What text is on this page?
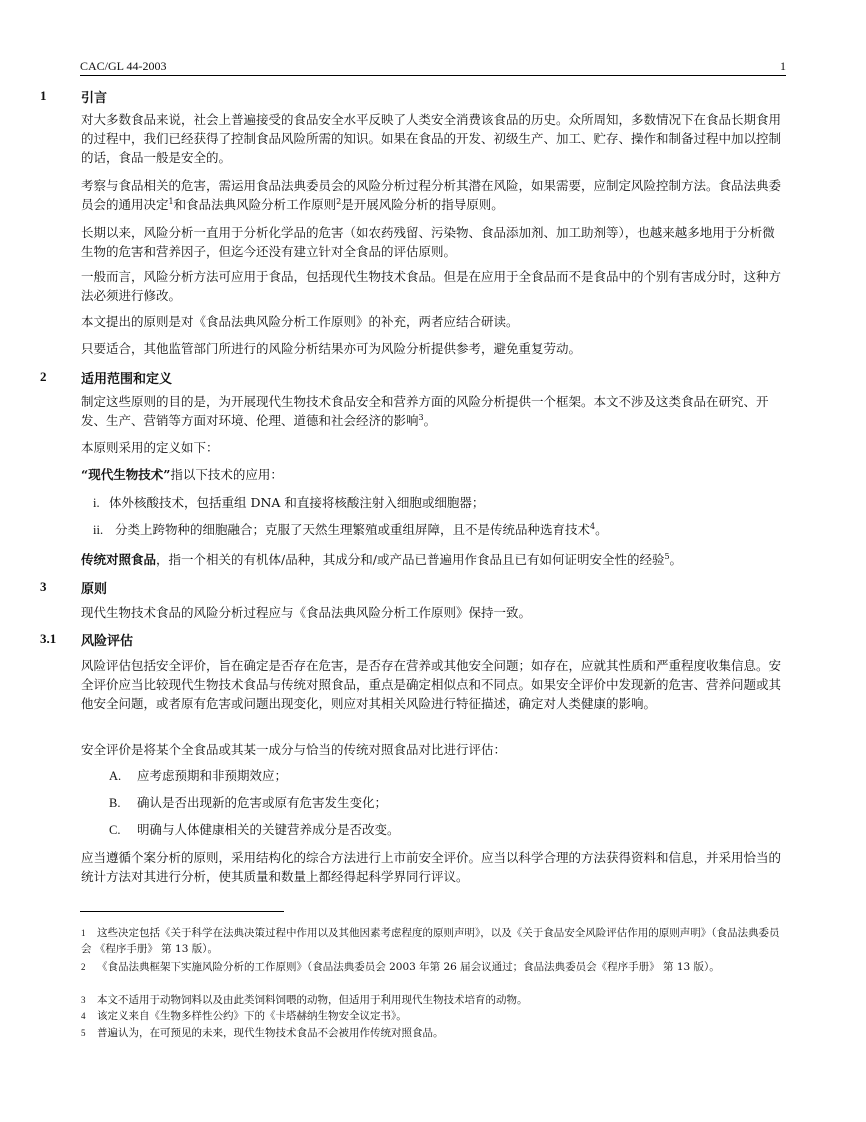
CAC/GL 44-2003	1
1	引言
对大多数食品来说，社会上普遍接受的食品安全水平反映了人类安全消费该食品的历史。众所周知，多数情况下在食品长期食用的过程中，我们已经获得了控制食品风险所需的知识。如果在食品的开发、初级生产、加工、贮存、操作和制备过程中加以控制的话，食品一般是安全的。
考察与食品相关的危害，需运用食品法典委员会的风险分析过程分析其潜在风险，如果需要，应制定风险控制方法。食品法典委员会的通用决定$^1$和食品法典风险分析工作原则$^2$是开展风险分析的指导原则。
长期以来，风险分析一直用于分析化学品的危害（如农药残留、污染物、食品添加剂、加工助剂等），也越来越多地用于分析微生物的危害和营养因子，但迄今还没有建立针对全食品的评估原则。
一般而言，风险分析方法可应用于食品，包括现代生物技术食品。但是在应用于全食品而不是食品中的个别有害成分时，这种方法必须进行修改。
本文提出的原则是对《食品法典风险分析工作原则》的补充，两者应结合研读。
只要适合，其他监管部门所进行的风险分析结果亦可为风险分析提供参考，避免重复劳动。
2	适用范围和定义
制定这些原则的目的是，为开展现代生物技术食品安全和营养方面的风险分析提供一个框架。本文不涉及这类食品在研究、开发、生产、营销等方面对环境、伦理、道德和社会经济的影响$^3$。
本原则采用的定义如下：
“现代生物技术”指以下技术的应用：
i. 体外核酸技术，包括重组 DNA 和直接将核酸注射入细胞或细胞器；
ii. 分类上跨物种的细胞融合；克服了天然生理繁殖或重组屏障，且不是传统品种选育技术$^4$。
传统对照食品，指一个相关的有机体/品种，其成分和/或产品已普遍用作食品且已有如何证明安全性的经验$^5$。
3	原则
现代生物技术食品的风险分析过程应与《食品法典风险分析工作原则》保持一致。
3.1 风险评估
风险评估包括安全评价，旨在确定是否存在危害，是否存在营养或其他安全问题；如存在，应就其性质和严重程度收集信息。安全评价应当比较现代生物技术食品与传统对照食品，重点是确定相似点和不同点。如果安全评价中发现新的危害、营养问题或其他安全问题，或者原有危害或问题出现变化，则应对其相关风险进行特征描述，确定对人类健康的影响。
安全评价是将某个全食品或其某一成分与恰当的传统对照食品对比进行评估：
A. 应考虑预期和非预期效应；
B. 确认是否出现新的危害或原有危害发生变化；
C. 明确与人体健康相关的关键营养成分是否改变。
应当遵循个案分析的原则，采用结构化的综合方法进行上市前安全评价。应当以科学合理的方法获得资料和信息，并采用恰当的统计方法对其进行分析，使其质量和数量上都经得起科学界同行评议。
1 这些决定包括《关于科学在法典决策过程中作用以及其他因素考虑程度的原则声明》，以及《关于食品安全风险评估作用的原则声明》（食品法典委员会 《程序手册》 第 13 版）。
2 《食品法典框架下实施风险分析的工作原则》（食品法典委员会 2003 年第 26 届会议通过；食品法典委员会《程序手册》 第 13 版）。
3 本文不适用于动物饲料以及由此类饲料饲喂的动物，但适用于利用现代生物技术培育的动物。
4 该定义来自《生物多样性公约》下的《卡塔赫纳生物安全议定书》。
5 普遍认为，在可预见的未来，现代生物技术食品不会被用作传统对照食品。
